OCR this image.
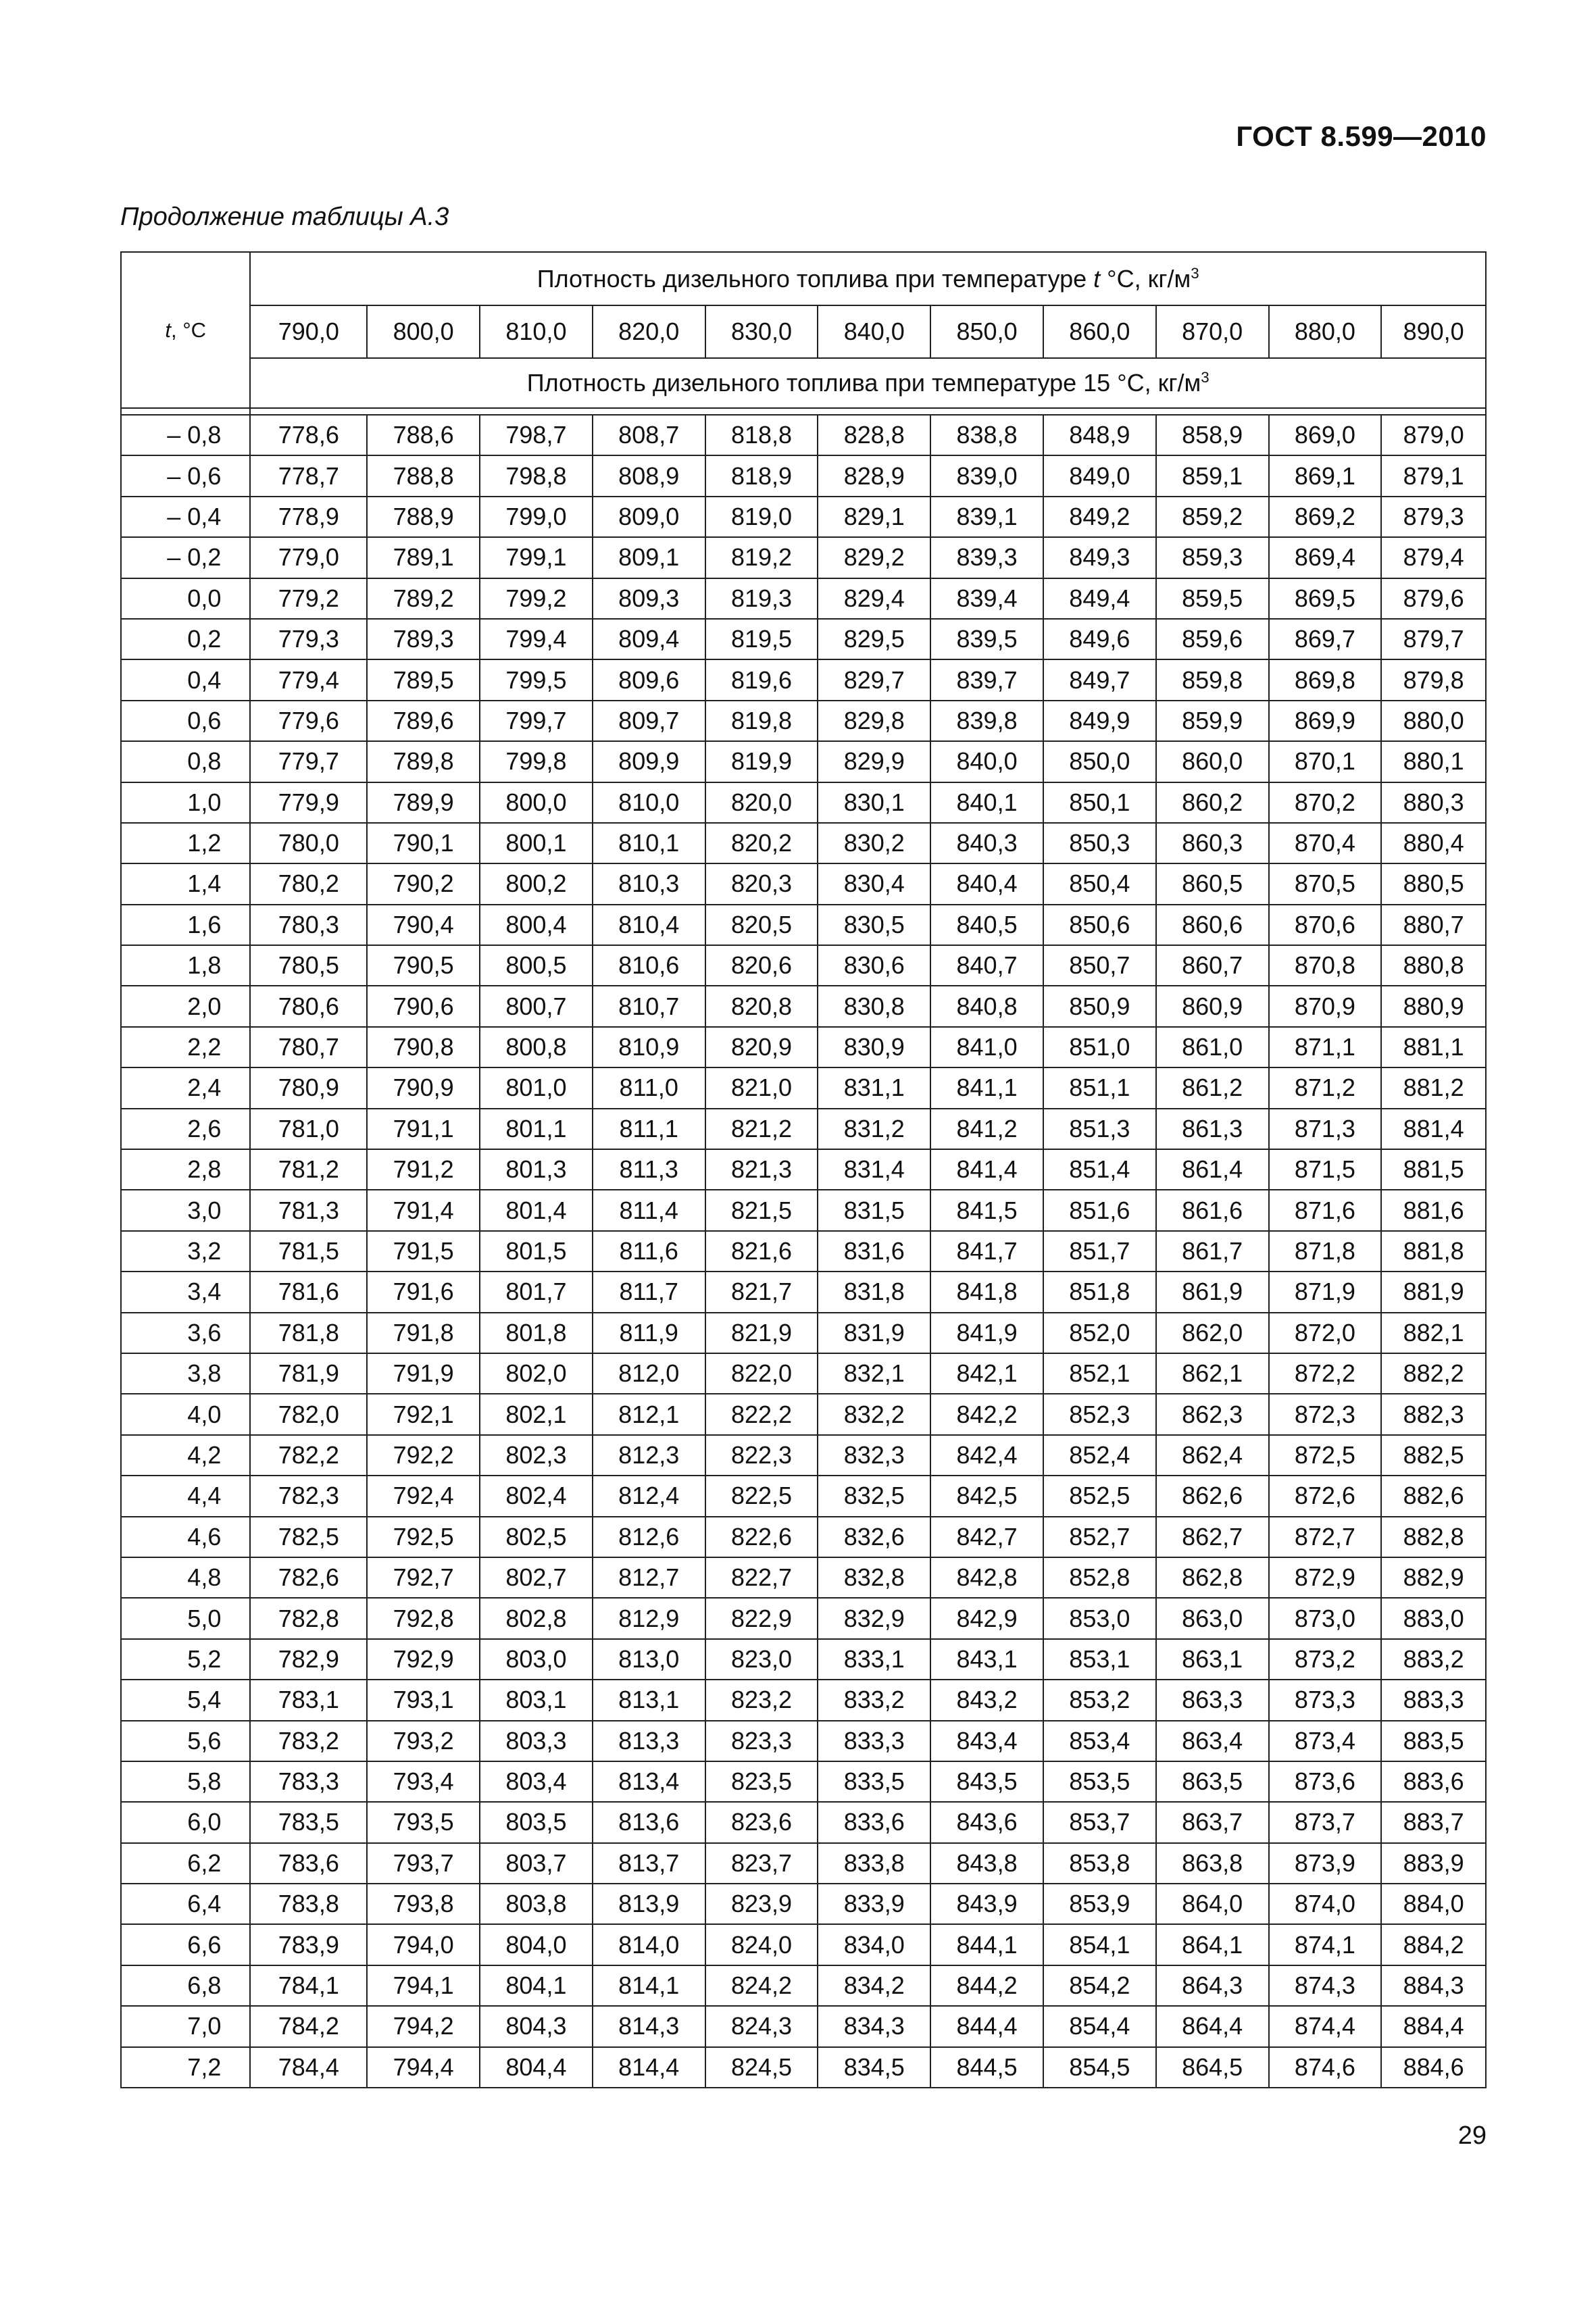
ГОСТ 8.599—2010
Продолжение таблицы А.3
t, °C	Плотность дизельного топлива при температуре t °C, $кг/м^3$
	790,0	800,0	810,0	820,0	830,0	840,0	850,0	860,0	870,0	880,0	890,0
	Плотность дизельного топлива при температуре 15 °C, $кг/м^3$

– 0,8	778,6	788,6	798,7	808,7	818,8	828,8	838,8	848,9	858,9	869,0	879,0
– 0,6	778,7	788,8	798,8	808,9	818,9	828,9	839,0	849,0	859,1	869,1	879,1
– 0,4	778,9	788,9	799,0	809,0	819,0	829,1	839,1	849,2	859,2	869,2	879,3
– 0,2	779,0	789,1	799,1	809,1	819,2	829,2	839,3	849,3	859,3	869,4	879,4
0,0	779,2	789,2	799,2	809,3	819,3	829,4	839,4	849,4	859,5	869,5	879,6
0,2	779,3	789,3	799,4	809,4	819,5	829,5	839,5	849,6	859,6	869,7	879,7
0,4	779,4	789,5	799,5	809,6	819,6	829,7	839,7	849,7	859,8	869,8	879,8
0,6	779,6	789,6	799,7	809,7	819,8	829,8	839,8	849,9	859,9	869,9	880,0
0,8	779,7	789,8	799,8	809,9	819,9	829,9	840,0	850,0	860,0	870,1	880,1
1,0	779,9	789,9	800,0	810,0	820,0	830,1	840,1	850,1	860,2	870,2	880,3
1,2	780,0	790,1	800,1	810,1	820,2	830,2	840,3	850,3	860,3	870,4	880,4
1,4	780,2	790,2	800,2	810,3	820,3	830,4	840,4	850,4	860,5	870,5	880,5
1,6	780,3	790,4	800,4	810,4	820,5	830,5	840,5	850,6	860,6	870,6	880,7
1,8	780,5	790,5	800,5	810,6	820,6	830,6	840,7	850,7	860,7	870,8	880,8
2,0	780,6	790,6	800,7	810,7	820,8	830,8	840,8	850,9	860,9	870,9	880,9
2,2	780,7	790,8	800,8	810,9	820,9	830,9	841,0	851,0	861,0	871,1	881,1
2,4	780,9	790,9	801,0	811,0	821,0	831,1	841,1	851,1	861,2	871,2	881,2
2,6	781,0	791,1	801,1	811,1	821,2	831,2	841,2	851,3	861,3	871,3	881,4
2,8	781,2	791,2	801,3	811,3	821,3	831,4	841,4	851,4	861,4	871,5	881,5
3,0	781,3	791,4	801,4	811,4	821,5	831,5	841,5	851,6	861,6	871,6	881,6
3,2	781,5	791,5	801,5	811,6	821,6	831,6	841,7	851,7	861,7	871,8	881,8
3,4	781,6	791,6	801,7	811,7	821,7	831,8	841,8	851,8	861,9	871,9	881,9
3,6	781,8	791,8	801,8	811,9	821,9	831,9	841,9	852,0	862,0	872,0	882,1
3,8	781,9	791,9	802,0	812,0	822,0	832,1	842,1	852,1	862,1	872,2	882,2
4,0	782,0	792,1	802,1	812,1	822,2	832,2	842,2	852,3	862,3	872,3	882,3
4,2	782,2	792,2	802,3	812,3	822,3	832,3	842,4	852,4	862,4	872,5	882,5
4,4	782,3	792,4	802,4	812,4	822,5	832,5	842,5	852,5	862,6	872,6	882,6
4,6	782,5	792,5	802,5	812,6	822,6	832,6	842,7	852,7	862,7	872,7	882,8
4,8	782,6	792,7	802,7	812,7	822,7	832,8	842,8	852,8	862,8	872,9	882,9
5,0	782,8	792,8	802,8	812,9	822,9	832,9	842,9	853,0	863,0	873,0	883,0
5,2	782,9	792,9	803,0	813,0	823,0	833,1	843,1	853,1	863,1	873,2	883,2
5,4	783,1	793,1	803,1	813,1	823,2	833,2	843,2	853,2	863,3	873,3	883,3
5,6	783,2	793,2	803,3	813,3	823,3	833,3	843,4	853,4	863,4	873,4	883,5
5,8	783,3	793,4	803,4	813,4	823,5	833,5	843,5	853,5	863,5	873,6	883,6
6,0	783,5	793,5	803,5	813,6	823,6	833,6	843,6	853,7	863,7	873,7	883,7
6,2	783,6	793,7	803,7	813,7	823,7	833,8	843,8	853,8	863,8	873,9	883,9
6,4	783,8	793,8	803,8	813,9	823,9	833,9	843,9	853,9	864,0	874,0	884,0
6,6	783,9	794,0	804,0	814,0	824,0	834,0	844,1	854,1	864,1	874,1	884,2
6,8	784,1	794,1	804,1	814,1	824,2	834,2	844,2	854,2	864,3	874,3	884,3
7,0	784,2	794,2	804,3	814,3	824,3	834,3	844,4	854,4	864,4	874,4	884,4
7,2	784,4	794,4	804,4	814,4	824,5	834,5	844,5	854,5	864,5	874,6	884,6
29
